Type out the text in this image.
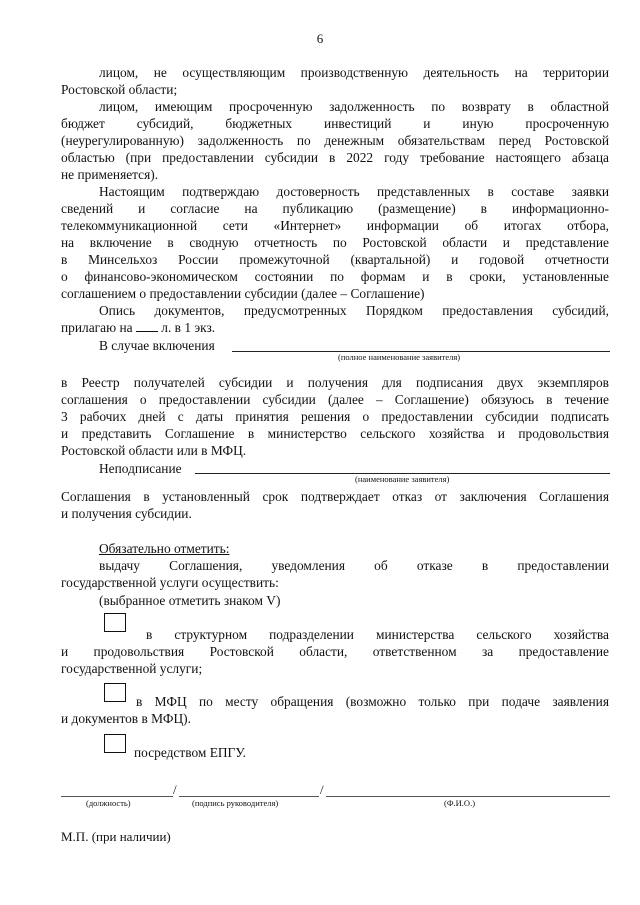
6
лицом, не осуществляющим производственную деятельность на территории
Ростовской области;
лицом, имеющим просроченную задолженность по возврату в областной
бюджет субсидий, бюджетных инвестиций и иную просроченную
(неурегулированную) задолженность по денежным обязательствам перед Ростовской
областью (при предоставлении субсидии в 2022 году требование настоящего абзаца
не применяется).
Настоящим подтверждаю достоверность представленных в составе заявки
сведений и согласие на публикацию (размещение) в информационно-
телекоммуникационной сети «Интернет» информации об итогах отбора,
на включение в сводную отчетность по Ростовской области и представление
в Минсельхоз России промежуточной (квартальной) и годовой отчетности
о финансово-экономическом состоянии по формам и в сроки, установленные
соглашением о предоставлении субсидии (далее – Соглашение)
Опись документов, предусмотренных Порядком предоставления субсидий,
прилагаю на л. в 1 экз.
В случае включения
(полное наименование заявителя)
в Реестр получателей субсидии и получения для подписания двух экземпляров
соглашения о предоставлении субсидии (далее – Соглашение) обязуюсь в течение
3 рабочих дней с даты принятия решения о предоставлении субсидии подписать
и представить Соглашение в министерство сельского хозяйства и продовольствия
Ростовской области или в МФЦ.
Неподписание
(наименование заявителя)
Соглашения в установленный срок подтверждает отказ от заключения Соглашения
и получения субсидии.
Обязательно отметить:
выдачу Соглашения, уведомления об отказе в предоставлении
государственной услуги осуществить:
(выбранное отметить знаком V)
в структурном подразделении министерства сельского хозяйства
и продовольствия Ростовской области, ответственном за предоставление
государственной услуги;
в МФЦ по месту обращения (возможно только при подаче заявления
и документов в МФЦ).
посредством ЕПГУ.
/	/
(должность)	(подпись руководителя)	(Ф.И.О.)
М.П. (при наличии)
